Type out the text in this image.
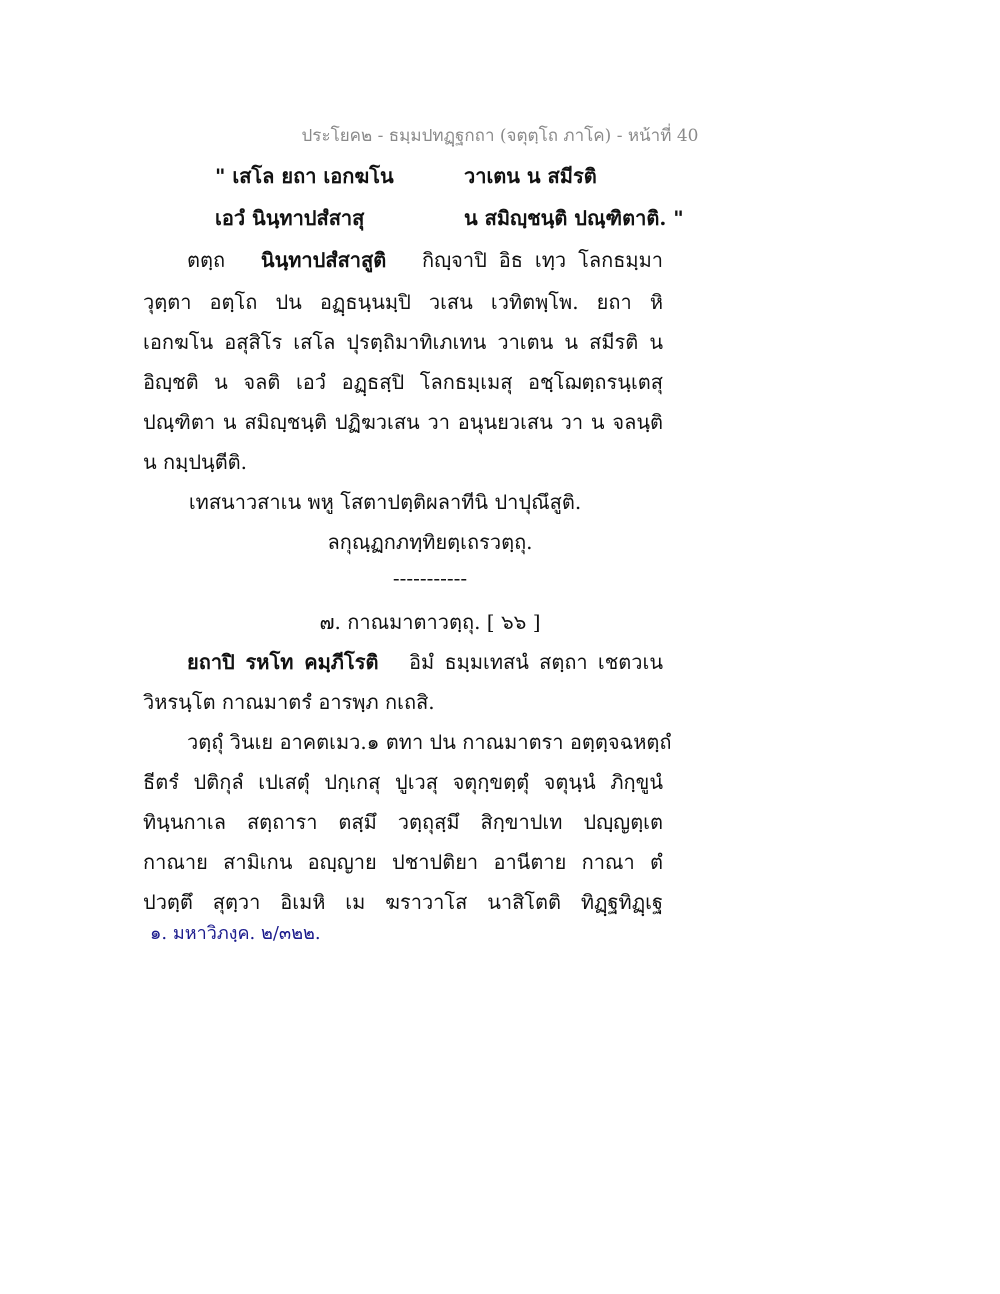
ประโยค๒ - ธมฺมปทฏฺฐกถา (จตุตฺโถ ภาโค) - หน้าที่ 40
" เสโล ยถา เอกฆโน	วาเตน น สมีรติ
เอวํ นินฺทาปสํสาสุ	น สมิญฺชนฺติ ปณฺฑิตาติ. "
ตตฺถ นินฺทาปสํสาสูติ กิญฺจาปิ อิธ เทฺว โลกธมฺมา
วุตฺตา อตฺโถ ปน อฏฺธนฺนมฺปิ วเสน เวทิตพฺโพ. ยถา หิ
เอกฆโน อสุสิโร เสโล ปุรตฺถิมาทิเภเทน วาเตน น สมีรติ น
อิญฺชติ น จลติ เอวํ อฏฺธสฺปิ โลกธมฺเมสุ อชฺโฌตฺถรนฺเตสุ
ปณฺฑิตา น สมิญฺชนฺติ ปฏิฆวเสน วา อนุนยวเสน วา น จลนฺติ
น กมฺปนฺตีติ.
เทสนาวสาเน พหู โสตาปตฺติผลาทีนิ ปาปุณึสูติ.
ลกุณฺฏกภทฺทิยตฺเถรวตฺถุ.
-----------
๗. กาณมาตาวตฺถุ. [ ๖๖ ]
ยถาปิ รหโท คมฺภีโรติ อิมํ ธมฺมเทสนํ สตฺถา เชตวเน
วิหรนฺโต กาณมาตรํ อารพฺภ กเถสิ.
วตฺถุํ วินเย อาคตเมว.๑ ตทา ปน กาณมาตรา อตฺตฺจฉหตฺถํ
ธีตรํ ปติกุลํ เปเสตุํ ปกฺเกสุ ปูเวสุ จตุกฺขตฺตุํ จตุนฺนํ ภิกฺขูนํ
ทินฺนกาเล สตฺถารา ตสฺมึ วตฺถุสฺมึ สิกฺขาปเท ปญฺญตฺเต
กาณาย สามิเกน อญฺญาย ปชาปติยา อานีตาย กาณา ตํ
ปวตฺตึ สุตฺวา อิเมหิ เม ฆราวาโส นาสิโตติ ทิฏฺฐทิฏฺเฐ
๑. มหาวิภงฺค. ๒/๓๒๒.
